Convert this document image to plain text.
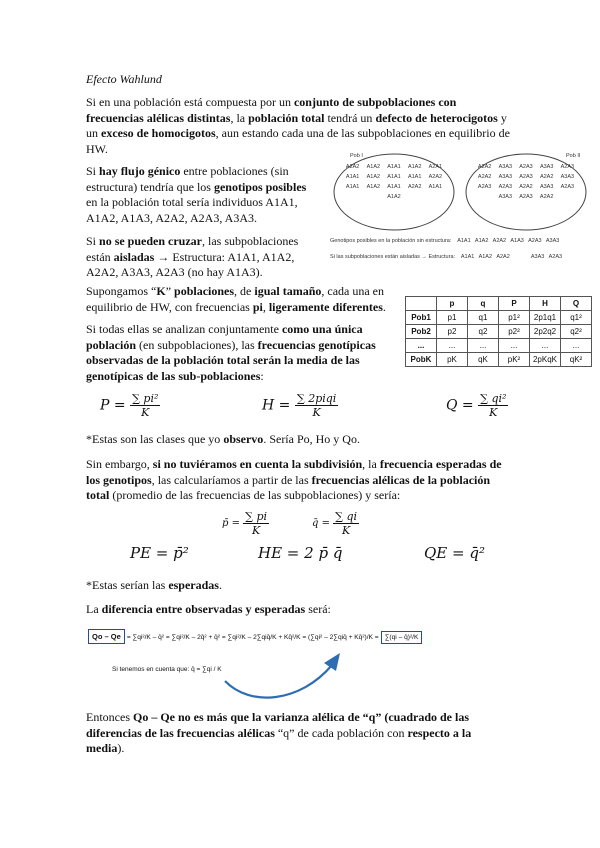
Efecto Wahlund
Si en una población está compuesta por un conjunto de subpoblaciones con frecuencias alélicas distintas, la población total tendrá un defecto de heterocigotos y un exceso de homocigotos, aun estando cada una de las subpoblaciones en equilibrio de HW.
Si hay flujo génico entre poblaciones (sin estructura) tendría que los genotipos posibles en la población total sería individuos A1A1, A1A2, A1A3, A2A2, A2A3, A3A3.
Si no se pueden cruzar, las subpoblaciones están aisladas → Estructura: A1A1, A1A2, A2A2, A3A3, A2A3 (no hay A1A3).
Pob I	Pob II
A2A2 A1A2 A1A1 A1A2 A2A1 A1A1 A1A2 A1A1 A1A1 A2A2 A1A1 A1A2 A1A1 A2A2 A1A1 A1A2
A2A2 A3A3 A2A3 A3A3 A2A3 A2A2 A3A3 A2A3 A2A2 A3A3 A2A3 A2A3 A2A2 A3A3 A2A3 A3A3 A2A3 A2A2
Genotipos posibles en la población sin estructura:    A1A1   A1A2   A2A2   A1A3   A2A3   A3A3
Si las subpoblaciones están aisladas → Estructura:    A1A1   A1A2   A2A2              A3A3   A2A3
Supongamos “K” poblaciones, de igual tamaño, cada una en equilibrio de HW, con frecuencias pi, ligeramente diferentes.
		p	q	P	H	Q
Pob1	p1	q1	p1²	2p1q1	q1²
Pob2	p2	q2	p2²	2p2q2	q2²
...	...	...	...	...	...
PobK	pK	qK	pK²	2pKqK	qK²
Si todas ellas se analizan conjuntamente como una única población (en subpoblaciones), las frecuencias genotípicas observadas de la población total serán la media de las genotípicas de las sub-poblaciones:
$P = \frac{\text{∑ pi²}}{K}$	$H = \frac{\text{∑ 2piqi}}{K}$	$Q = \frac{\text{∑ qi²}}{K}$
*Estas son las clases que yo observo. Sería Po, Ho y Qo.
Sin embargo, si no tuviéramos en cuenta la subdivisión, la frecuencia esperadas de los genotipos, las calcularíamos a partir de las frecuencias alélicas de la población total (promedio de las frecuencias de las subpoblaciones) y sería:
p̄ = $\frac{\sum pi}{K}$	q̄ = $\frac{\sum qi}{K}$
PE = p̄²	HE = 2 p̄ q̄	QE = q̄²
*Estas serían las esperadas.
La diferencia entre observadas y esperadas será:
Qo – Qe = ∑qi²/K – q̄² = ∑qi²/K – 2q̄² + q̄² = ∑qi²/K – 2∑qiq̄/K + Kq̄²/K = (∑qi² – 2∑qiq̄ + Kq̄²)/K = ∑(qi – q̄)²/K
Si tenemos en cuenta que: q̄ = ∑qi / K
Entonces Qo – Qe no es más que la varianza alélica de “q” (cuadrado de las diferencias de las frecuencias alélicas “q” de cada población con respecto a la media).
